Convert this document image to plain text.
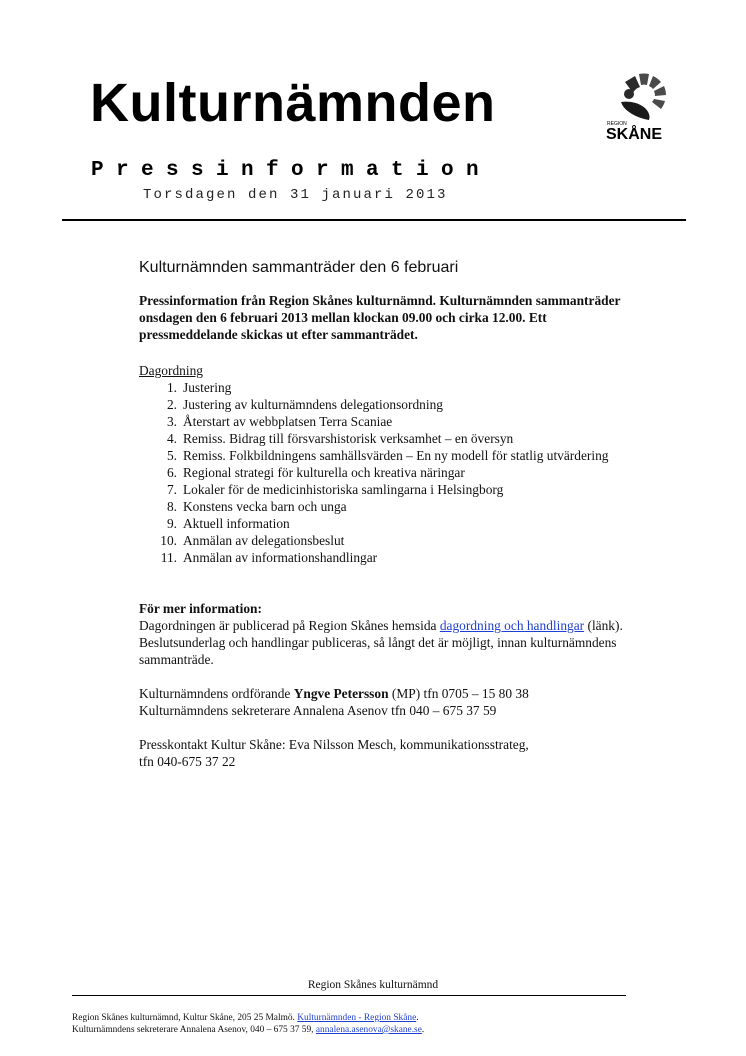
Kulturnämnden	REGION
SKÅNE
Pressinformation
Torsdagen den 31 januari 2013
Kulturnämnden sammanträder den 6 februari

Pressinformation från Region Skånes kulturnämnd. Kulturnämnden sammanträder onsdagen den 6 februari 2013 mellan klockan 09.00 och cirka 12.00. Ett pressmeddelande skickas ut efter sammanträdet.

Dagordning

1. Justering
2. Justering av kulturnämndens delegationsordning
3. Återstart av webbplatsen Terra Scaniae
4. Remiss. Bidrag till försvarshistorisk verksamhet – en översyn
5. Remiss. Folkbildningens samhällsvärden – En ny modell för statlig utvärdering
6. Regional strategi för kulturella och kreativa näringar
7. Lokaler för de medicinhistoriska samlingarna i Helsingborg
8. Konstens vecka barn och unga
9. Aktuell information
10. Anmälan av delegationsbeslut
11. Anmälan av informationshandlingar

För mer information:

Dagordningen är publicerad på Region Skånes hemsida dagordning och handlingar (länk). Beslutsunderlag och handlingar publiceras, så långt det är möjligt, innan kulturnämndens sammanträde.

Kulturnämndens ordförande Yngve Petersson (MP) tfn 0705 – 15 80 38

Kulturnämndens sekreterare Annalena Asenov tfn 040 – 675 37 59

Presskontakt Kultur Skåne: Eva Nilsson Mesch, kommunikationsstrateg,

tfn 040-675 37 22

Region Skånes kulturnämnd
Region Skånes kulturnämnd, Kultur Skåne, 205 25 Malmö. Kulturnämnden - Region Skåne.
Kulturnämndens sekreterare Annalena Asenov, 040 – 675 37 59, annalena.asenova@skane.se.
